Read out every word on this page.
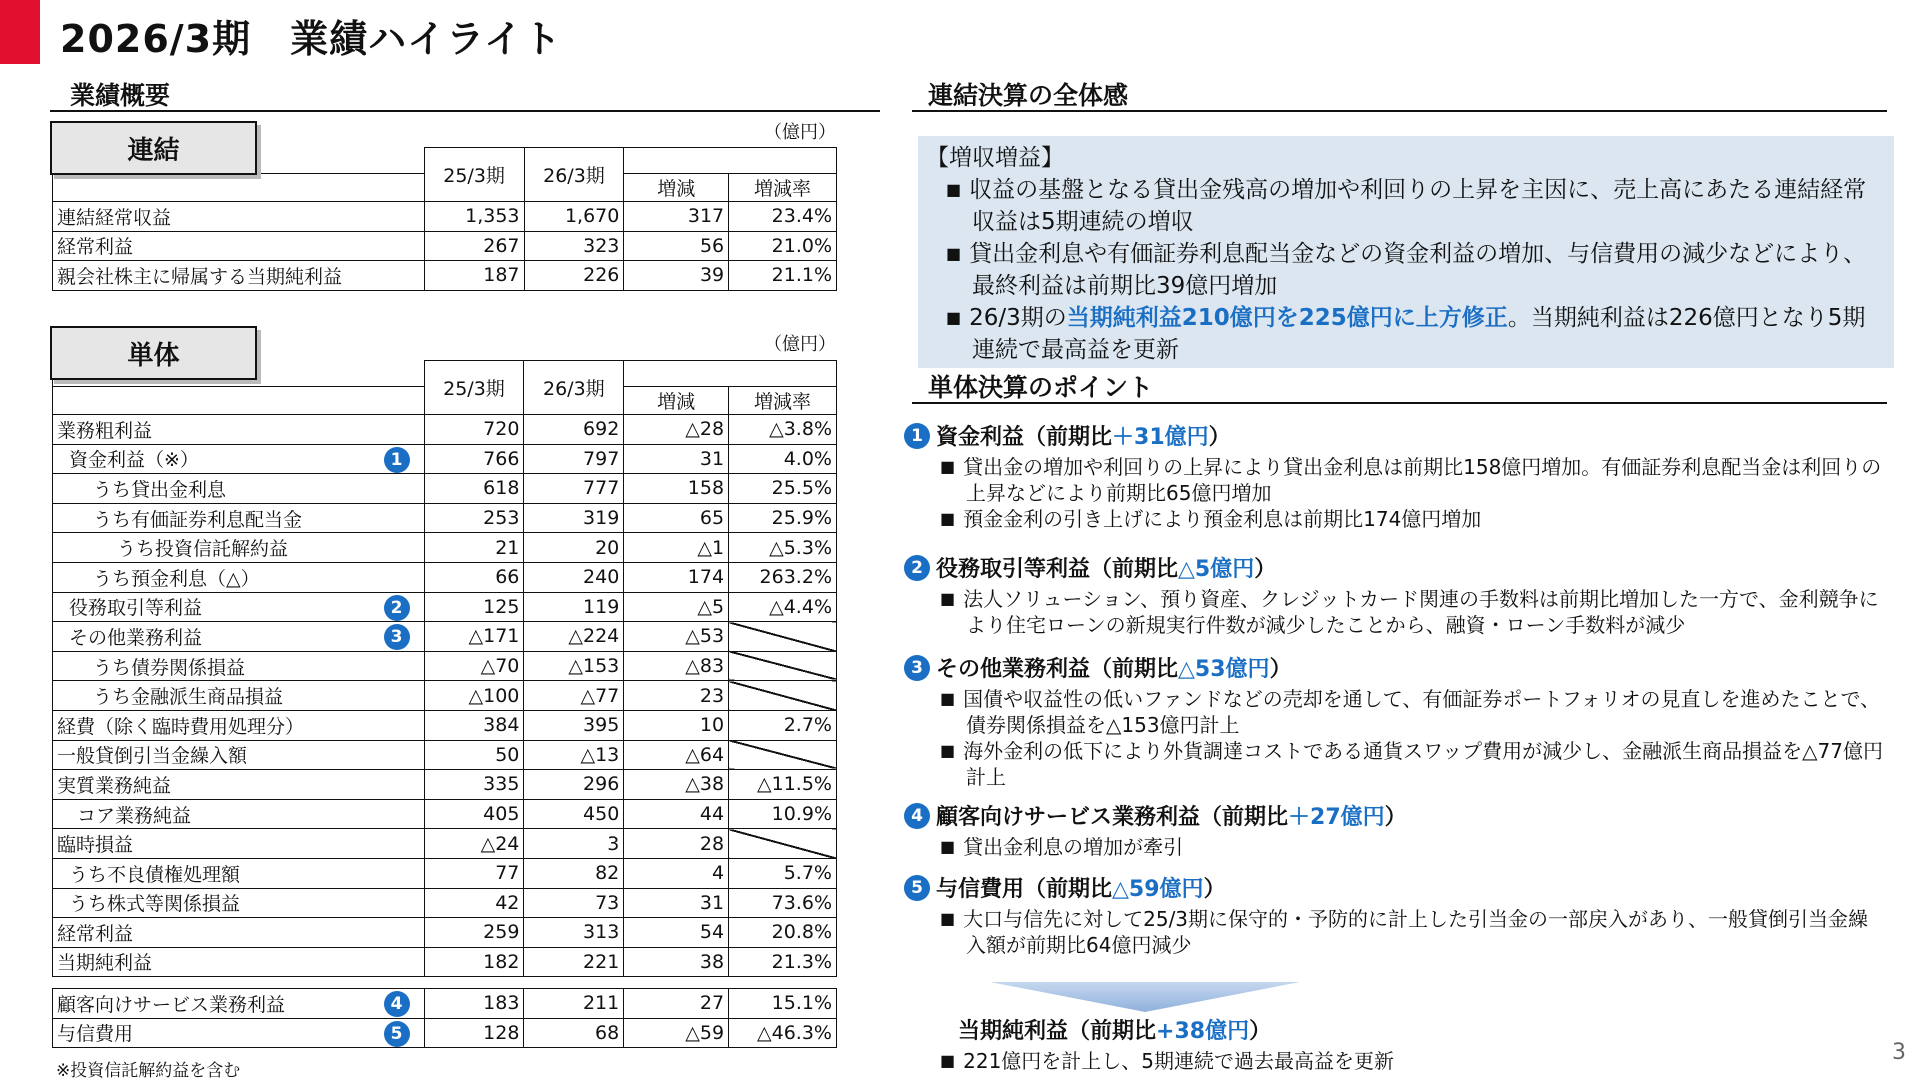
2026/3期　業績ハイライト
業績概要
（億円）
	25/3期	26/3期		
			増減	増減率
連結経常収益	1,353	1,670	317	23.4%
経常利益	267	323	56	21.0%
親会社株主に帰属する当期純利益	187	226	39	21.1%
連結
（億円）
	25/3期	26/3期		
			増減	増減率
業務粗利益	720	692	△28	△3.8%
資金利益（※） 1	766	797	31	4.0%
うち貸出金利息	618	777	158	25.5%
うち有価証券利息配当金	253	319	65	25.9%
うち投資信託解約益	21	20	△1	△5.3%
うち預金利息（△）	66	240	174	263.2%
役務取引等利益 2	125	119	△5	△4.4%
その他業務利益 3	△171	△224	△53	
うち債券関係損益	△70	△153	△83	
うち金融派生商品損益	△100	△77	23	
経費（除く臨時費用処理分）	384	395	10	2.7%
一般貸倒引当金繰入額	50	△13	△64	
実質業務純益	335	296	△38	△11.5%
コア業務純益	405	450	44	10.9%
臨時損益	△24	3	28	
うち不良債権処理額	77	82	4	5.7%
うち株式等関係損益	42	73	31	73.6%
経常利益	259	313	54	20.8%
当期純利益	182	221	38	21.3%
単体
顧客向けサービス業務利益 4	183	211	27	15.1%
与信費用 5	128	68	△59	△46.3%
※投資信託解約益を含む
連結決算の全体感
【増収増益】
■ 収益の基盤となる貸出金残高の増加や利回りの上昇を主因に、売上高にあたる連結経常収益は5期連続の増収
■ 貸出金利息や有価証券利息配当金などの資金利益の増加、与信費用の減少などにより、最終利益は前期比39億円増加
■ 26/3期の当期純利益210億円を225億円に上方修正。当期純利益は226億円となり5期連続で最高益を更新
単体決算のポイント
1 資金利益（前期比 ＋31億円 ）
■ 貸出金の増加や利回りの上昇により貸出金利息は前期比158億円増加。有価証券利息配当金は利回りの上昇などにより前期比65億円増加
■ 預金金利の引き上げにより預金利息は前期比174億円増加
2 役務取引等利益（前期比 △5億円 ）
■ 法人ソリューション、預り資産、クレジットカード関連の手数料は前期比増加した一方で、金利競争により住宅ローンの新規実行件数が減少したことから、融資・ローン手数料が減少
3 その他業務利益（前期比 △53億円 ）
■ 国債や収益性の低いファンドなどの売却を通して、有価証券ポートフォリオの見直しを進めたことで、債券関係損益を△153億円計上
■ 海外金利の低下により外貨調達コストである通貨スワップ費用が減少し、金融派生商品損益を△77億円計上
4 顧客向けサービス業務利益（前期比 ＋27億円 ）
■ 貸出金利息の増加が牽引
5 与信費用（前期比 △59億円 ）
■ 大口与信先に対して25/3期に保守的・予防的に計上した引当金の一部戻入があり、一般貸倒引当金繰入額が前期比64億円減少
当期純利益（前期比 +38億円 ）
■ 221億円を計上し、5期連続で過去最高益を更新	3
